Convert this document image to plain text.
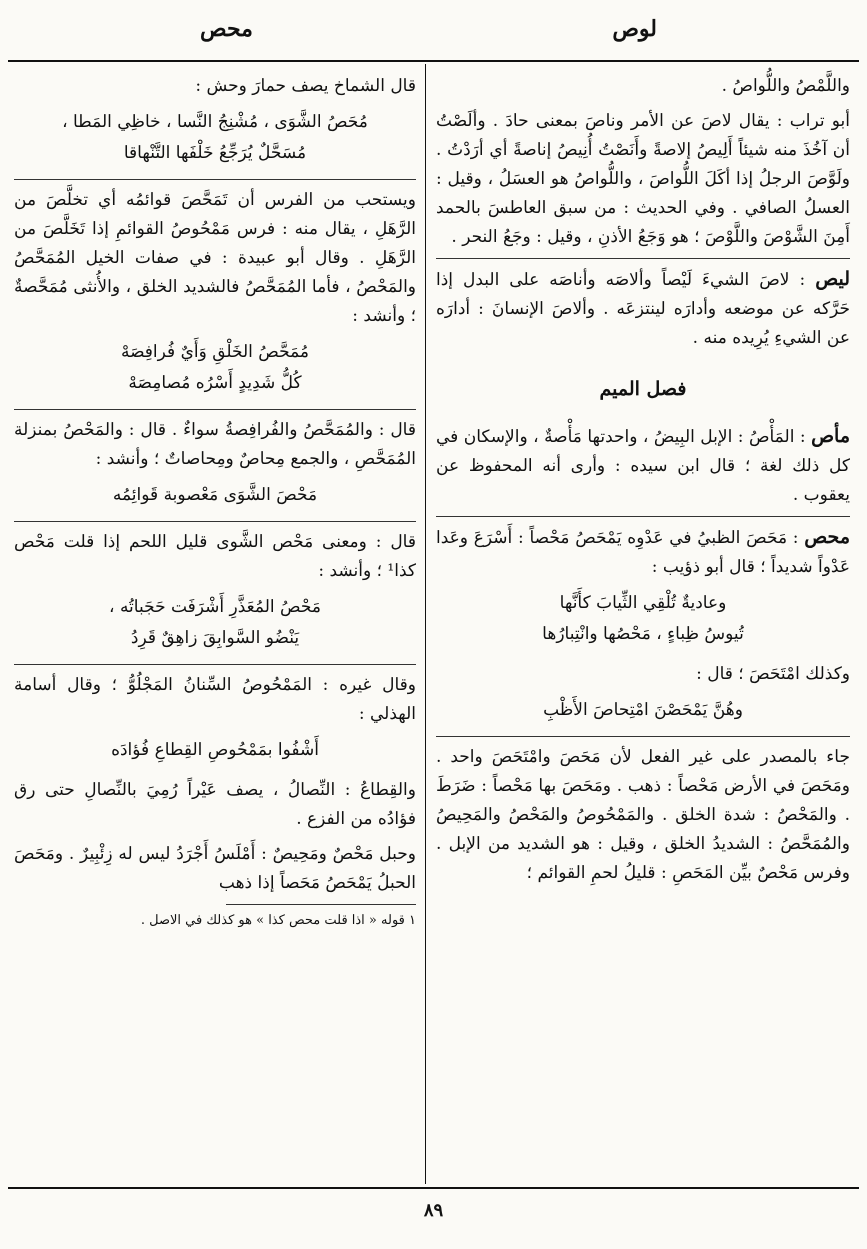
لوص
محص

واللَّمْصُ واللُّواصُ .

أبو تراب : يقال لاصَ عن الأمر وناصَ بمعنى حادَ . وألَصْتُ أن آخُذَ منه شيئاً أَلِيصُ إلاصةً وأَنَصْتُ أُنِيصُ إناصةً أي أرَدْتُ . ولَوَّصَ الرجلُ إذا أكَلَ اللُّواصَ ، واللُّواصُ هو العسَلُ ، وقيل : العسلُ الصافي . وفي الحديث : من سبق العاطسَ بالحمد أَمِنَ الشَّوْصَ واللَّوْصَ ؛ هو وَجَعُ الأذنِ ، وقيل : وجَعُ النحر .

ليص : لاصَ الشيءَ لَيْصاً وألاصَه وأناصَه على البدل إذا حَرَّكه عن موضعه وأدارَه لينتزعَه . وألاصَ الإنسانَ : أدارَه عن الشيءِ يُرِيده منه .

فصل الميم

مأص : المَأْصُ : الإبل البِيضُ ، واحدتها مَأْصةٌ ، والإسكان في كل ذلك لغة ؛ قال ابن سيده : وأرى أنه المحفوظ عن يعقوب .

محص : مَحَصَ الظبيُ في عَدْوِه يَمْحَصُ مَحْصاً : أَسْرَعَ وعَدا عَدْواً شديداً ؛ قال أبو ذؤيب :

وعاديةٌ تُلْقِي الثِّيابَ كأَنَّها
تُيوسُ ظِباءٍ ، مَحْصُها وانْتِبارُها

وكذلك امْتَحَصَ ؛ قال :

وهُنَّ يَمْحَصْنَ امْتِحاصَ الأَظْبِ

جاء بالمصدر على غير الفعل لأن مَحَصَ وامْتَحَصَ واحد . ومَحَصَ في الأرض مَحْصاً : ذهب . ومَحَصَ بها مَحْصاً : ضَرَطَ . والمَحْصُ : شدة الخلق . والمَمْحُوصُ والمَحْصُ والمَحِيصُ والمُمَحَّصُ : الشديدُ الخلق ، وقيل : هو الشديد من الإبل . وفرس مَحْصٌ بيِّن المَحَصِ : قليلُ لحمِ القوائم ؛

قال الشماخ يصف حمارَ وحش :

مُحَصُ الشَّوَى ، مُشْنِجُ النَّسا ، خاظِي المَطا ،
مُسَحَّلٌ يُرَجِّعُ خَلْفَها التَّنْهاقا

ويستحب من الفرس أن تَمَحَّصَ قوائمُه أي تخلَّصَ من الرَّهَلِ ، يقال منه : فرس مَمْحُوصُ القوائمِ إذا تَخَلَّصَ من الرَّهَلِ . وقال أبو عبيدة : في صفات الخيل المُمَحَّصُ والمَحْصُ ، فأما المُمَحَّصُ فالشديد الخلق ، والأُنثى مُمَحَّصةٌ ؛ وأنشد :

مُمَحَّصُ الخَلْقِ وَأَيٌ فُرافِصَهْ
كُلُّ شَدِيدٍ أَسْرُه مُصامِصَهْ

قال : والمُمَحَّصُ والفُرافِصةُ سواءٌ . قال : والمَحْصُ بمنزلة المُمَحَّصِ ، والجمع مِحاصٌ ومِحاصاتٌ ؛ وأنشد :

مَحْصَ الشَّوَى مَعْصوبة قَوائِمُه

قال : ومعنى مَحْص الشَّوى قليل اللحم إذا قلت مَحْص كذا¹ ؛ وأنشد :

مَحْصُ المُعَذَّرِ أَشْرَفَت حَجَباتُه ،
يَنْضُو السَّوابِقَ زاهِقٌ قَرِدُ

وقال غيره : المَمْحُوصُ السِّنانُ المَجْلُوُّ ؛ وقال أسامة الهذلي :

أَشْفُوا بمَمْحُوصِ القِطاعِ فُؤادَه

والقِطاعُ : النِّصالُ ، يصف عَيْراً رُمِيَ بالنِّصالِ حتى رق فؤادُه من الفزع .

وحبل مَحْصٌ ومَحِيصٌ : أَمْلَسُ أَجْرَدُ ليس له زِئْبِيرٌ . ومَحَصَ الحبلُ يَمْحَصُ مَحَصاً إذا ذهب

١ قوله « اذا قلت محص كذا » هو كذلك في الاصل .
٨٩
